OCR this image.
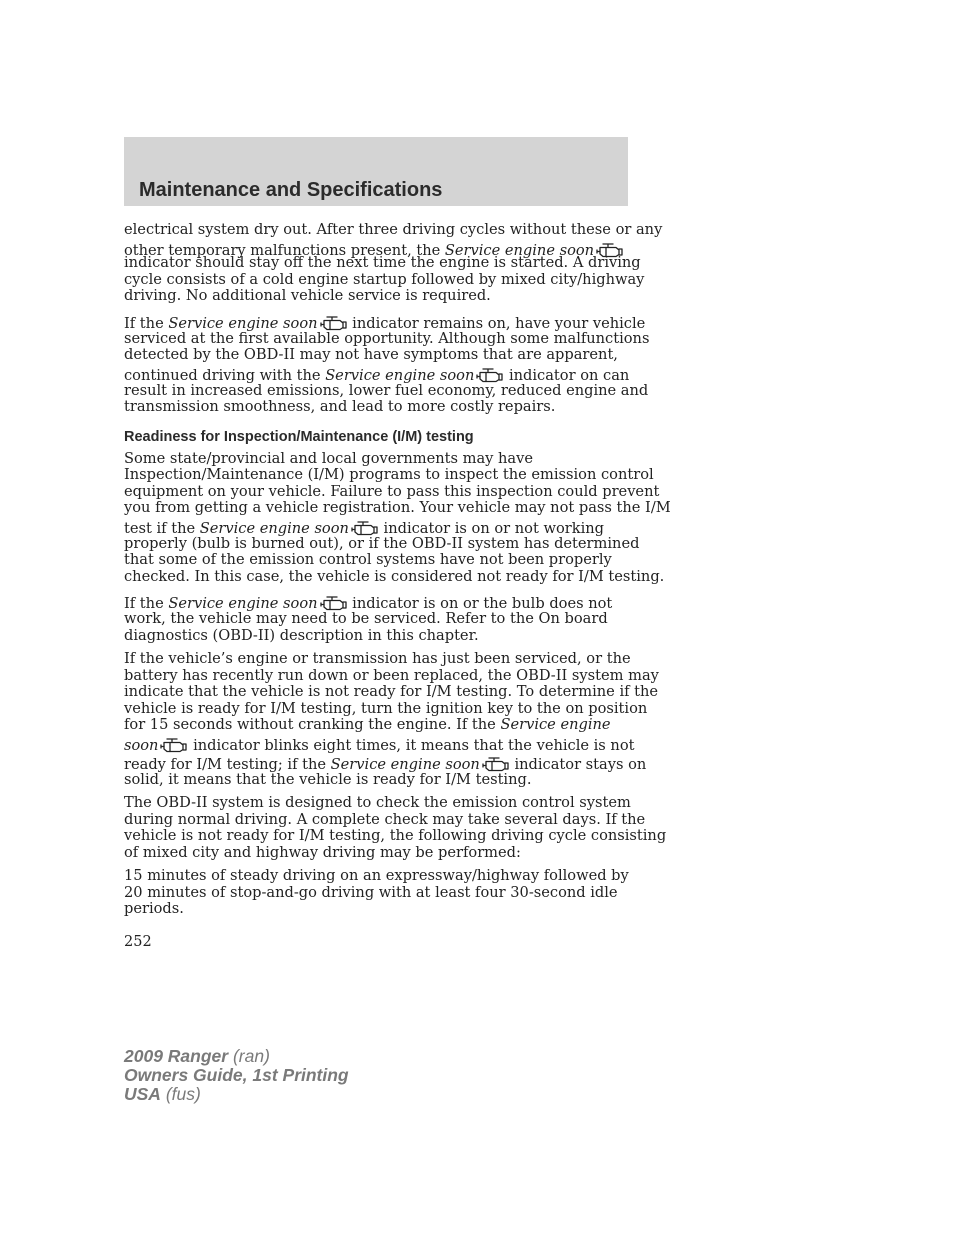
Maintenance and Specifications
electrical system dry out. After three driving cycles without these or any
other temporary malfunctions present, the Service engine soon
indicator should stay off the next time the engine is started. A driving
cycle consists of a cold engine startup followed by mixed city/highway
driving. No additional vehicle service is required.
If the Service engine soon indicator remains on, have your vehicle
serviced at the first available opportunity. Although some malfunctions
detected by the OBD-II may not have symptoms that are apparent,
continued driving with the Service engine soon indicator on can
result in increased emissions, lower fuel economy, reduced engine and
transmission smoothness, and lead to more costly repairs.
Readiness for Inspection/Maintenance (I/M) testing
Some state/provincial and local governments may have
Inspection/Maintenance (I/M) programs to inspect the emission control
equipment on your vehicle. Failure to pass this inspection could prevent
you from getting a vehicle registration. Your vehicle may not pass the I/M
test if the Service engine soon indicator is on or not working
properly (bulb is burned out), or if the OBD-II system has determined
that some of the emission control systems have not been properly
checked. In this case, the vehicle is considered not ready for I/M testing.
If the Service engine soon indicator is on or the bulb does not
work, the vehicle may need to be serviced. Refer to the On board
diagnostics (OBD-II) description in this chapter.
If the vehicle’s engine or transmission has just been serviced, or the
battery has recently run down or been replaced, the OBD-II system may
indicate that the vehicle is not ready for I/M testing. To determine if the
vehicle is ready for I/M testing, turn the ignition key to the on position
for 15 seconds without cranking the engine. If the Service engine
soon indicator blinks eight times, it means that the vehicle is not
ready for I/M testing; if the Service engine soon indicator stays on
solid, it means that the vehicle is ready for I/M testing.
The OBD-II system is designed to check the emission control system
during normal driving. A complete check may take several days. If the
vehicle is not ready for I/M testing, the following driving cycle consisting
of mixed city and highway driving may be performed:
15 minutes of steady driving on an expressway/highway followed by
20 minutes of stop-and-go driving with at least four 30-second idle
periods.
252
2009 Ranger (ran)
Owners Guide, 1st Printing
USA (fus)
